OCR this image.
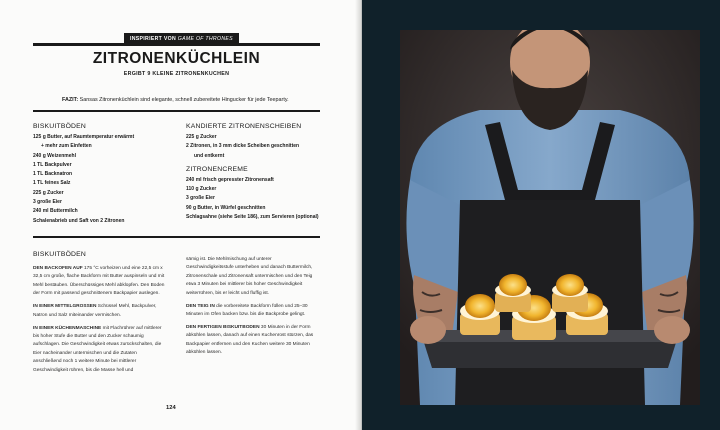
INSPIRIERT VON GAME OF THRONES
ZITRONENKÜCHLEIN
ERGIBT 9 KLEINE ZITRONENKUCHEN
FAZIT: Sansas Zitronenküchlein sind elegante, schnell zubereitete Hingucker für jede Teeparty.
BISKUITBÖDEN
125 g Butter, auf Raumtemperatur erwärmt
+ mehr zum Einfetten
240 g Weizenmehl
1 TL Backpulver
1 TL Backnatron
1 TL feines Salz
225 g Zucker
3 große Eier
240 ml Buttermilch
Schalenabrieb und Saft von 2 Zitronen
KANDIERTE ZITRONENSCHEIBEN
225 g Zucker
2 Zitronen, in 3 mm dicke Scheiben geschnitten
und entkernt
ZITRONENCREME
240 ml frisch gepresster Zitronensaft
110 g Zucker
3 große Eier
90 g Butter, in Würfel geschnitten
Schlagsahne (siehe Seite 186), zum Servieren (optional)
BISKUITBÖDEN

DEN BACKOFEN AUF 175 °C vorheizen und eine 22,5 cm x 32,5 cm große, flache Backform mit Butter auspinseln und mit Mehl bestäuben. Überschüssiges Mehl abklopfen. Den Boden der Form mit passend geschnittenem Backpapier auslegen.

IN EINER MITTELGROSSEN Schüssel Mehl, Backpulver, Natron und Salz miteinander vermischen.

IN EINER KÜCHENMASCHINE mit Flachrührer auf mittlerer bis hoher Stufe die Butter und den Zucker schaumig aufschlagen. Die Geschwindigkeit etwas zurückschalten, die Eier nacheinander untermischen und die Zutaten anschließend noch 1 weitere Minute bei mittlerer Geschwindigkeit rühren, bis die Masse hell und

sämig ist. Die Mehlmischung auf unterer Geschwindigkeitsstufe unterheben und danach Buttermilch, Zitronenschale und Zitronensaft untermischen und den Teig etwa 3 Minuten bei mittlerer bis hoher Geschwindigkeit weiterrühren, bis er leicht und fluffig ist.

DEN TEIG IN die vorbereitete Backform füllen und 25–30 Minuten im Ofen backen bzw. bis die Backprobe gelingt.

DEN FERTIGEN BISKUITBODEN 30 Minuten in der Form abkühlen lassen, danach auf einen Kuchenrost stürzen, das Backpapier entfernen und den Kuchen weitere 30 Minuten abkühlen lassen.

124
